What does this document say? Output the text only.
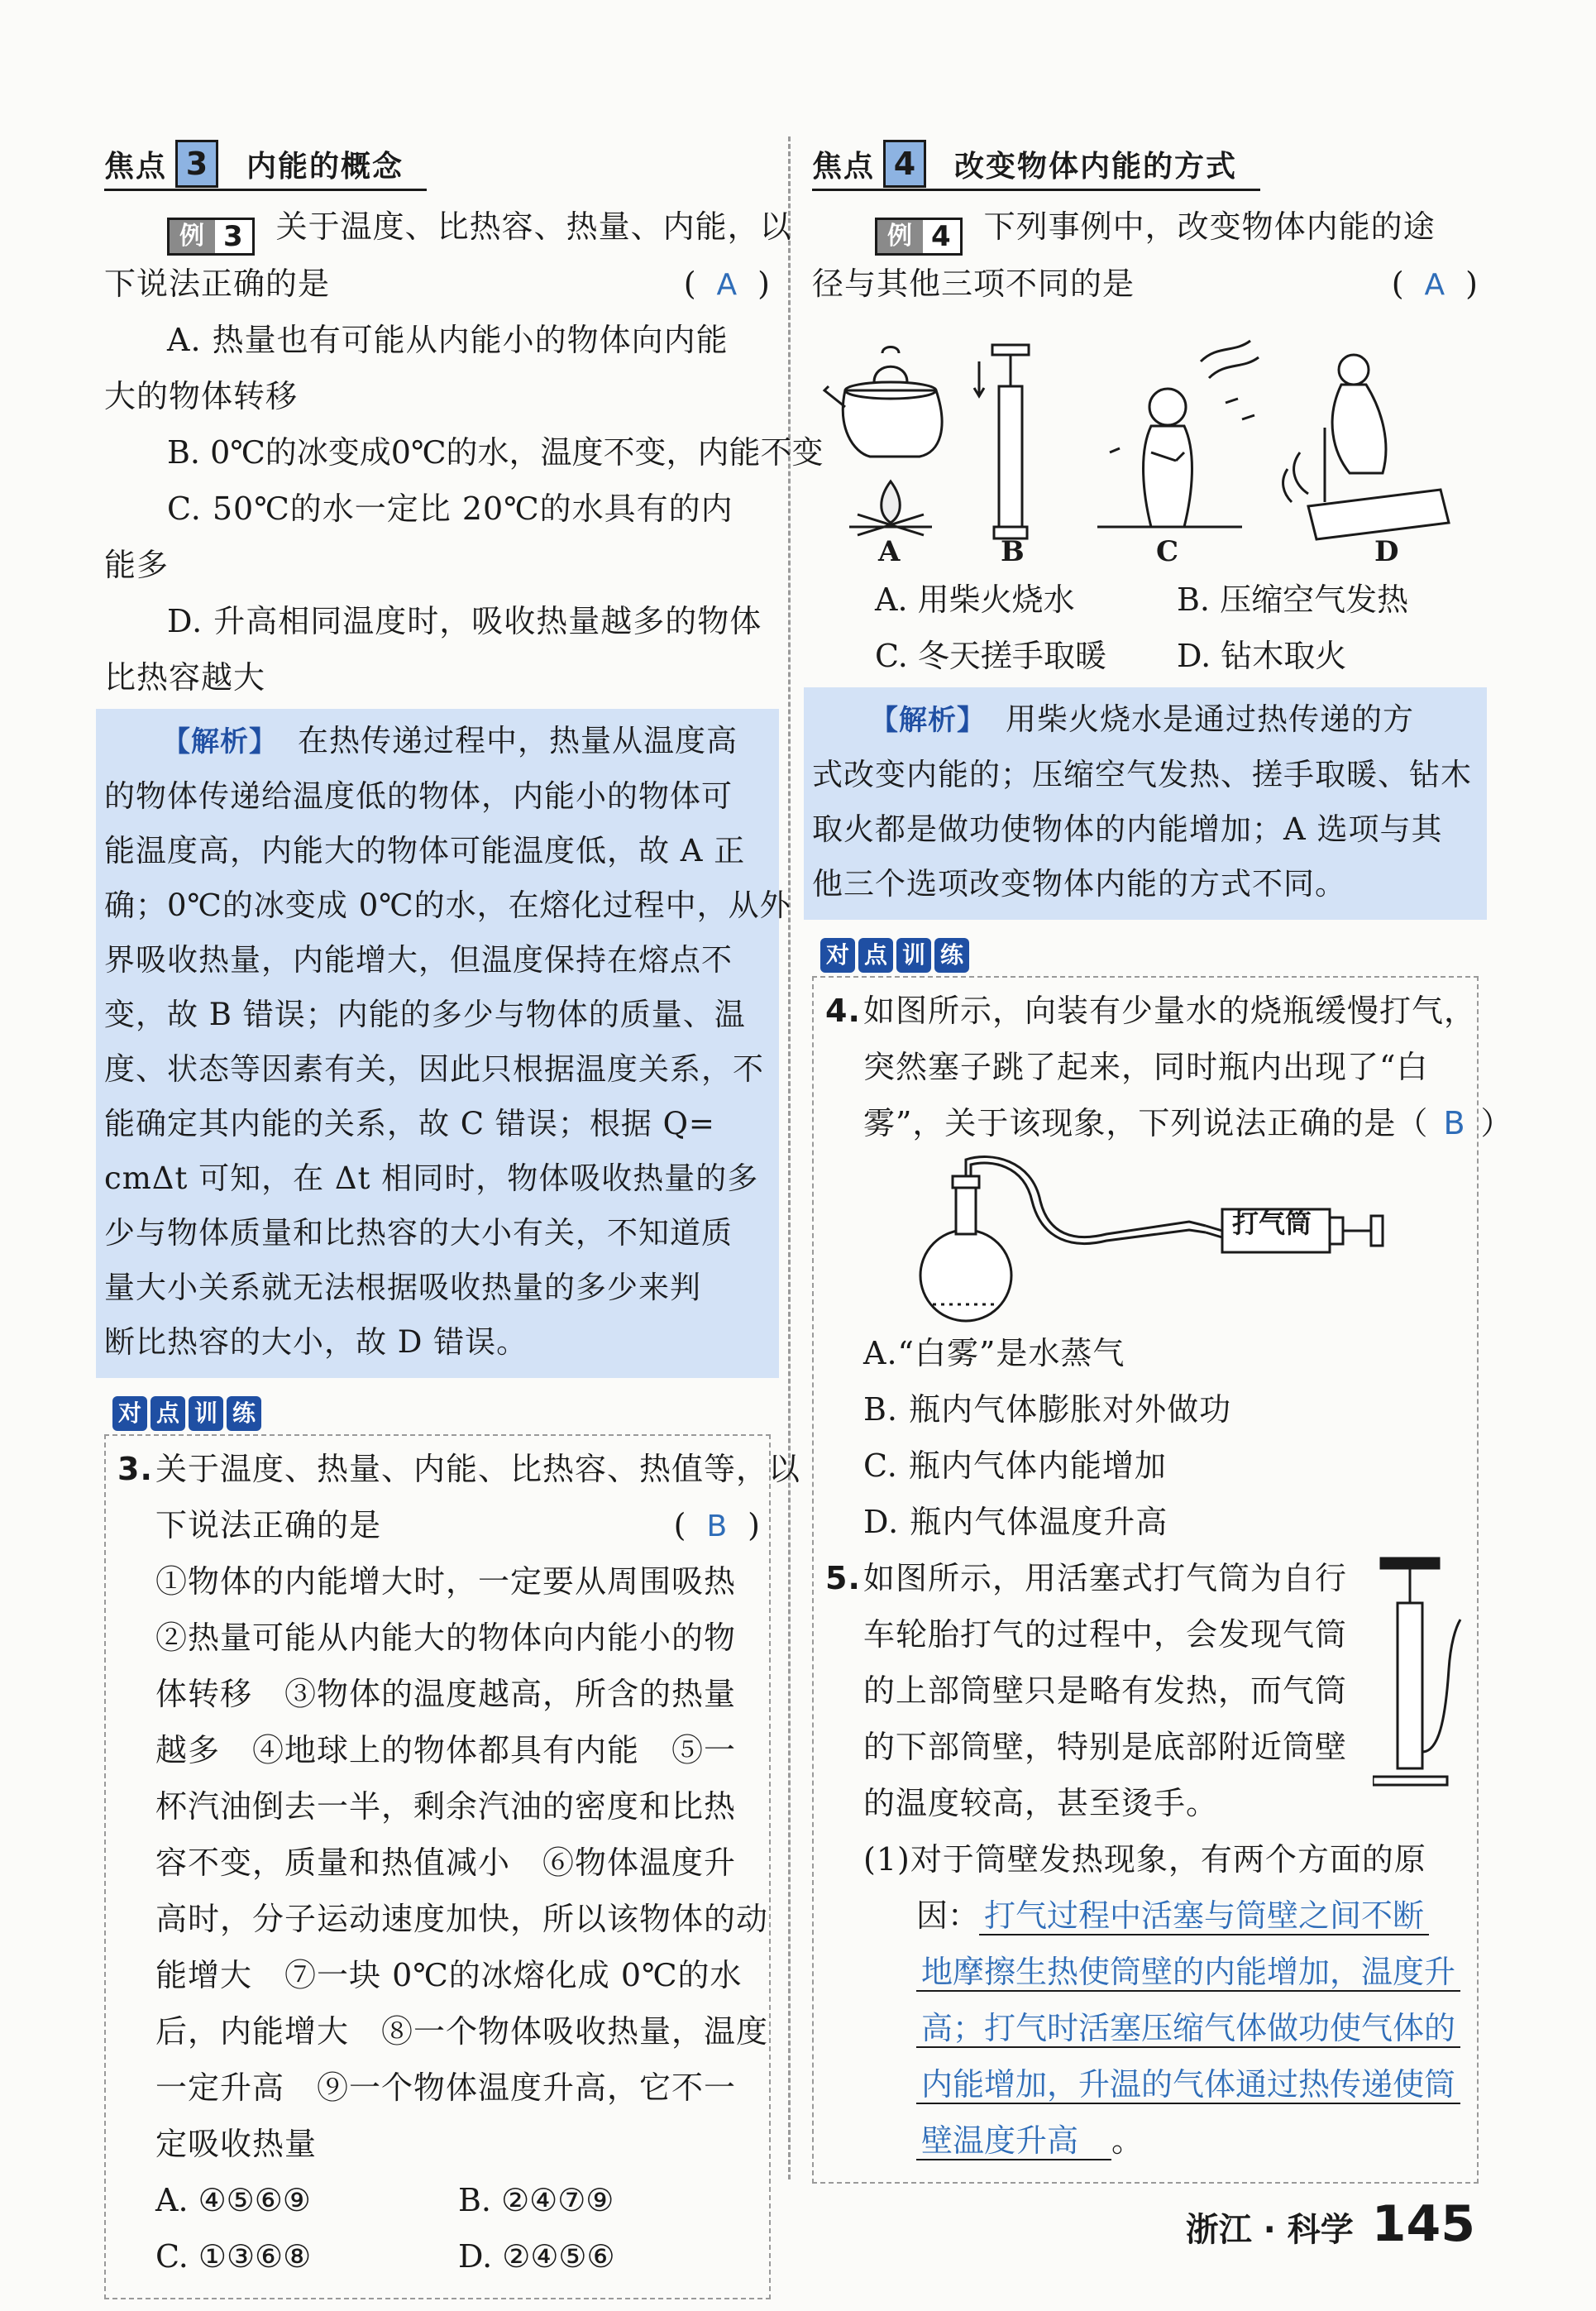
焦点 3	内能的概念
例 3 关于温度、比热容、热量、内能，以
下说法正确的是	( A )
A. 热量也有可能从内能小的物体向内能
大的物体转移
B. 0℃的冰变成0℃的水，温度不变，内能不变
C. 50℃的水一定比 20℃的水具有的内
能多
D. 升高相同温度时，吸收热量越多的物体
比热容越大
【解析】 在热传递过程中，热量从温度高
的物体传递给温度低的物体，内能小的物体可
能温度高，内能大的物体可能温度低，故 A 正
确；0℃的冰变成 0℃的水，在熔化过程中，从外
界吸收热量，内能增大，但温度保持在熔点不
变，故 B 错误；内能的多少与物体的质量、温
度、状态等因素有关，因此只根据温度关系，不
能确定其内能的关系，故 C 错误；根据 Q=
cmΔt 可知，在 Δt 相同时，物体吸收热量的多
少与物体质量和比热容的大小有关，不知道质
量大小关系就无法根据吸收热量的多少来判
断比热容的大小，故 D 错误。
对 点 训 练
3.关于温度、热量、内能、比热容、热值等，以
下说法正确的是	( B )
①物体的内能增大时，一定要从周围吸热
②热量可能从内能大的物体向内能小的物
体转移　③物体的温度越高，所含的热量
越多　④地球上的物体都具有内能　⑤一
杯汽油倒去一半，剩余汽油的密度和比热
容不变，质量和热值减小　⑥物体温度升
高时，分子运动速度加快，所以该物体的动
能增大　⑦一块 0℃的冰熔化成 0℃的水
后，内能增大　⑧一个物体吸收热量，温度
一定升高　⑨一个物体温度升高，它不一
定吸收热量
A. ④⑤⑥⑨	B. ②④⑦⑨
C. ①③⑥⑧	D. ②④⑤⑥
焦点 4	改变物体内能的方式
例 4 下列事例中，改变物体内能的途
径与其他三项不同的是	( A )
A	B	C	D
A. 用柴火烧水	B. 压缩空气发热
C. 冬天搓手取暖	D. 钻木取火
【解析】 用柴火烧水是通过热传递的方
式改变内能的；压缩空气发热、搓手取暖、钻木
取火都是做功使物体的内能增加；A 选项与其
他三个选项改变物体内能的方式不同。
对 点 训 练
4.如图所示，向装有少量水的烧瓶缓慢打气，
突然塞子跳了起来，同时瓶内出现了“白
雾”，关于该现象，下列说法正确的是（ B ）
打气筒
A.“白雾”是水蒸气
B. 瓶内气体膨胀对外做功
C. 瓶内气体内能增加
D. 瓶内气体温度升高
5.如图所示，用活塞式打气筒为自行
车轮胎打气的过程中，会发现气筒
的上部筒壁只是略有发热，而气筒
的下部筒壁，特别是底部附近筒壁
的温度较高，甚至烫手。
(1)对于筒壁发热现象，有两个方面的原
因： 打气过程中活塞与筒壁之间不断
地摩擦生热使筒壁的内能增加，温度升
高；打气时活塞压缩气体做功使气体的
内能增加，升温的气体通过热传递使筒
壁温度升高 。
浙江 · 科学 145
